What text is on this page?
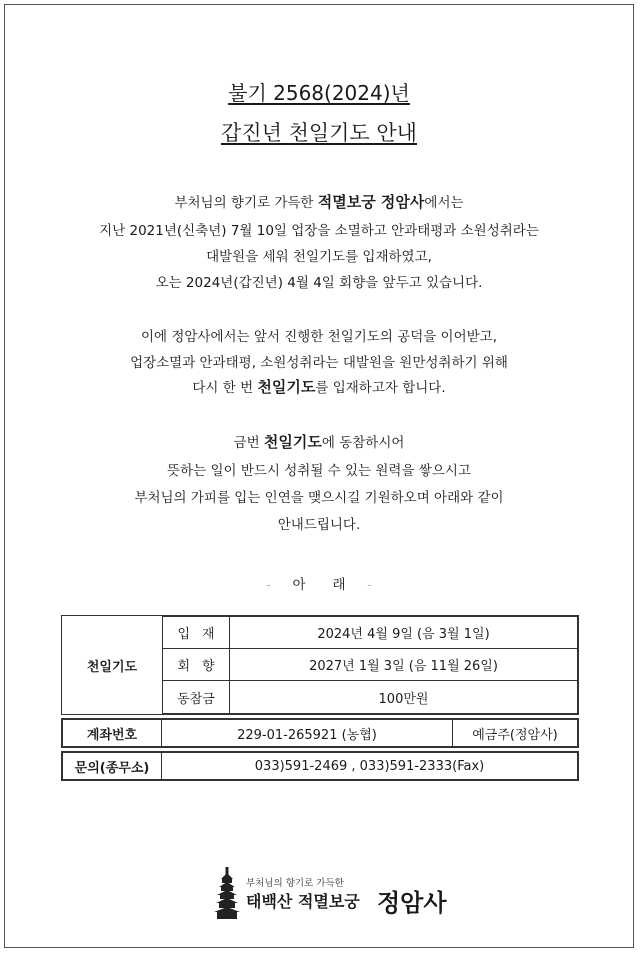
불기 2568(2024)년
갑진년 천일기도 안내
부처님의 향기로 가득한 적멸보궁 정암사에서는
지난 2021년(신축년) 7월 10일 업장을 소멸하고 안과태평과 소원성취라는
대발원을 세워 천일기도를 입재하였고,
오는 2024년(갑진년) 4월 4일 회향을 앞두고 있습니다.
이에 정암사에서는 앞서 진행한 천일기도의 공덕을 이어받고,
업장소멸과 안과태평, 소원성취라는 대발원을 원만성취하기 위해
다시 한 번 천일기도를 입재하고자 합니다.
금번 천일기도에 동참하시어
뜻하는 일이 반드시 성취될 수 있는 원력을 쌓으시고
부처님의 가피를 입는 인연을 맺으시길 기원하오며 아래와 같이
안내드립니다.
- 아　　래 -
천일기도
입재	2024년 4월 9일 (음 3월 1일)
회향	2027년 1월 3일 (음 11월 26일)
동참금	100만원
계좌번호	229-01-265921 (농협)	예금주(정암사)
문의(종무소)	033)591-2469 , 033)591-2333(Fax)
부처님의 향기로 가득한
태백산 적멸보궁 정암사
